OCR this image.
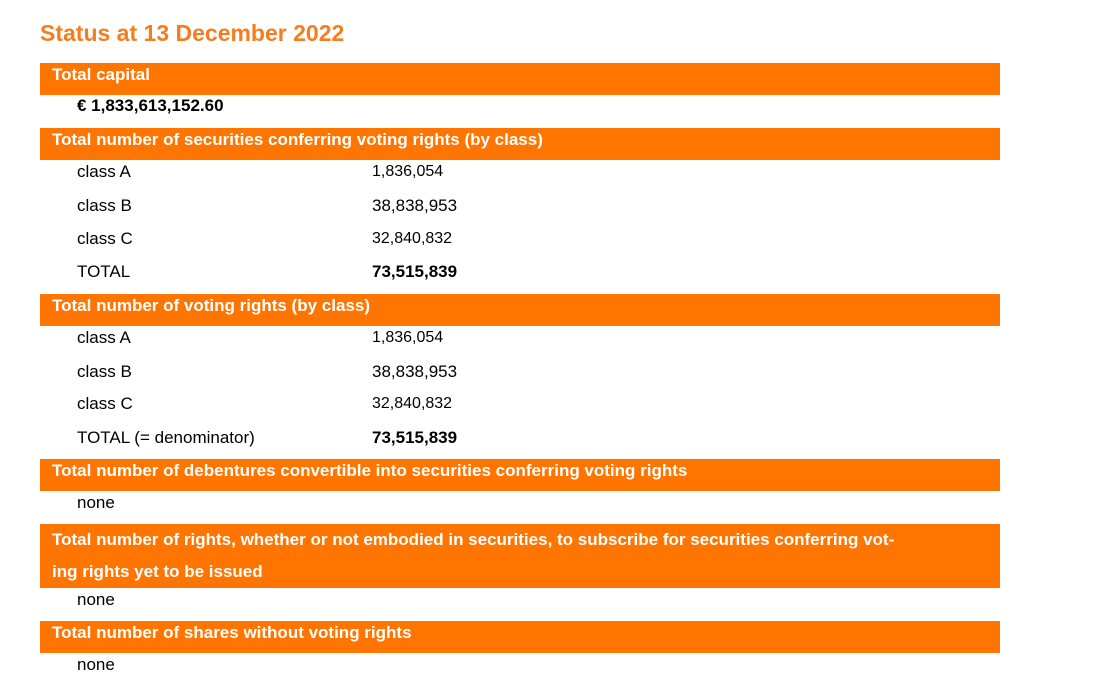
Status at 13 December 2022
Total capital
€ 1,833,613,152.60
Total number of securities conferring voting rights (by class)
class A	1,836,054
class B	38,838,953
class C	32,840,832
TOTAL	73,515,839
Total number of voting rights (by class)
class A	1,836,054
class B	38,838,953
class C	32,840,832
TOTAL (= denominator)	73,515,839
Total number of debentures convertible into securities conferring voting rights
none
Total number of rights, whether or not embodied in securities, to subscribe for securities conferring vot-
ing rights yet to be issued
none
Total number of shares without voting rights
none
